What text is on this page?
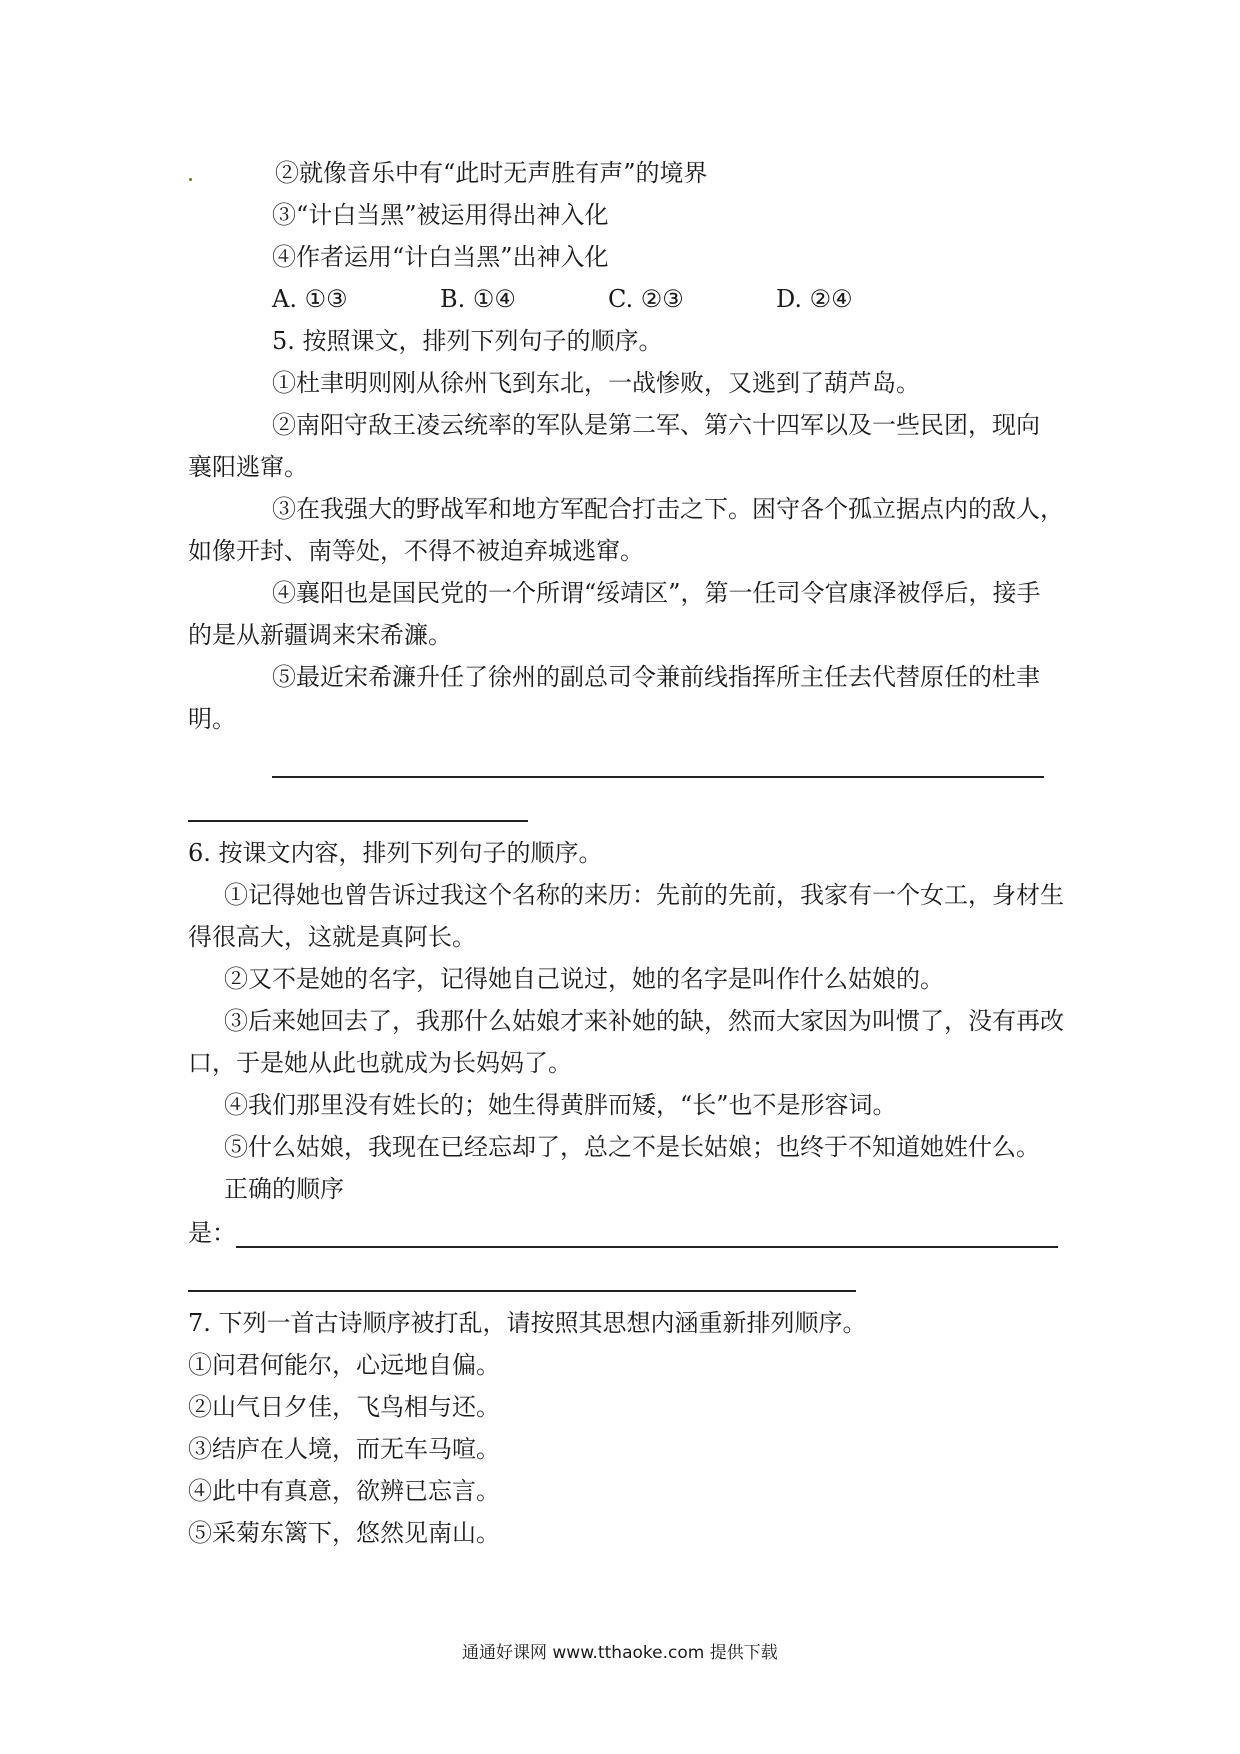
②就像音乐中有“此时无声胜有声”的境界
③“计白当黑”被运用得出神入化
④作者运用“计白当黑”出神入化
A. ①③	B. ①④	C. ②③	D. ②④
5. 按照课文，排列下列句子的顺序。
①杜聿明则刚从徐州飞到东北，一战惨败，又逃到了葫芦岛。
②南阳守敌王凌云统率的军队是第二军、第六十四军以及一些民团，现向
襄阳逃窜。
③在我强大的野战军和地方军配合打击之下。困守各个孤立据点内的敌人，
如像开封、南等处，不得不被迫弃城逃窜。
④襄阳也是国民党的一个所谓“绥靖区”，第一任司令官康泽被俘后，接手
的是从新疆调来宋希濂。
⑤最近宋希濂升任了徐州的副总司令兼前线指挥所主任去代替原任的杜聿
明。
6. 按课文内容，排列下列句子的顺序。
①记得她也曾告诉过我这个名称的来历：先前的先前，我家有一个女工，身材生
得很高大，这就是真阿长。
②又不是她的名字，记得她自己说过，她的名字是叫作什么姑娘的。
③后来她回去了，我那什么姑娘才来补她的缺，然而大家因为叫惯了，没有再改
口，于是她从此也就成为长妈妈了。
④我们那里没有姓长的；她生得黄胖而矮，“长”也不是形容词。
⑤什么姑娘，我现在已经忘却了，总之不是长姑娘；也终于不知道她姓什么。
正确的顺序
是：
7. 下列一首古诗顺序被打乱，请按照其思想内涵重新排列顺序。
①问君何能尔，心远地自偏。
②山气日夕佳，飞鸟相与还。
③结庐在人境，而无车马喧。
④此中有真意，欲辨已忘言。
⑤采菊东篱下，悠然见南山。
通通好课网 www.tthaoke.com 提供下载
